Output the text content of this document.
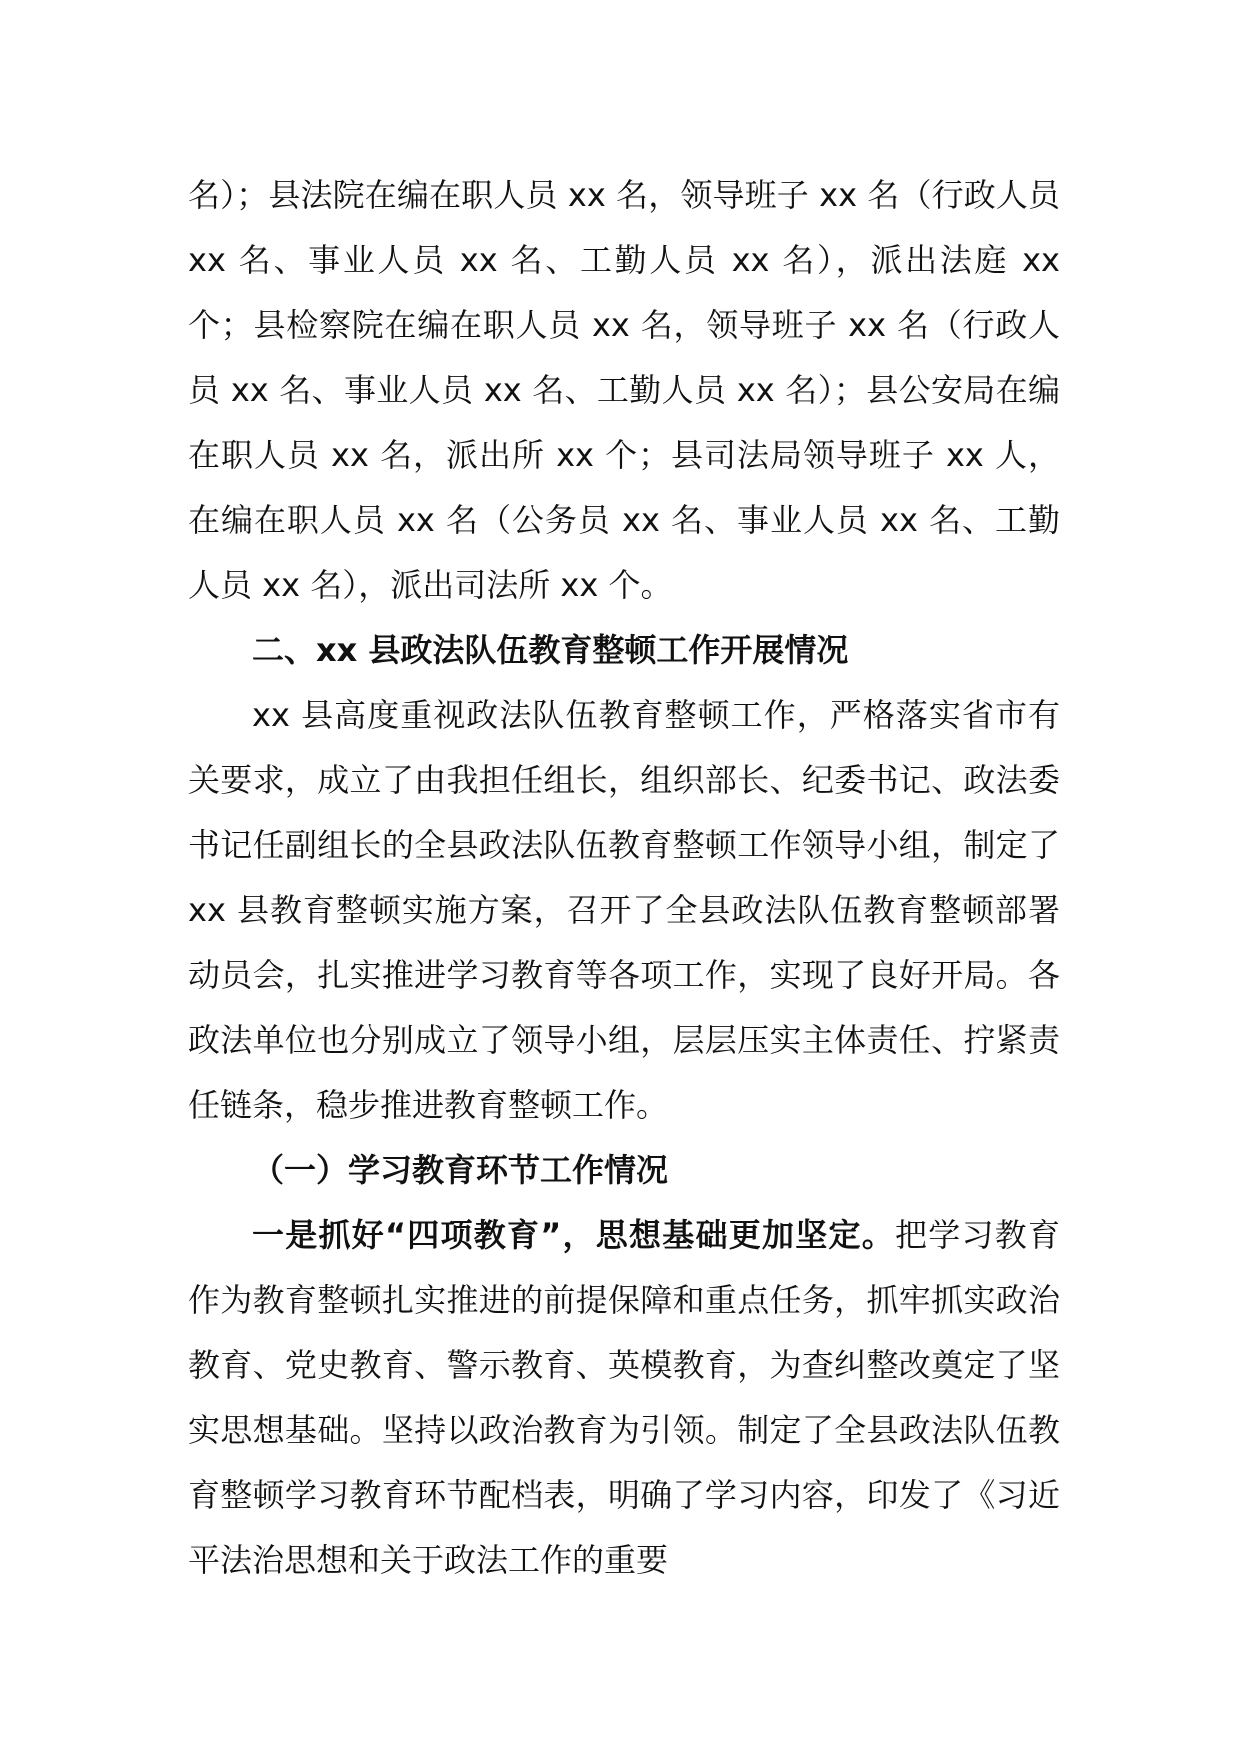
名）；县法院在编在职人员 xx 名，领导班子 xx 名（行政人员 xx 名、事业人员 xx 名、工勤人员 xx 名），派出法庭 xx 个；县检察院在编在职人员 xx 名，领导班子 xx 名（行政人员 xx 名、事业人员 xx 名、工勤人员 xx 名）；县公安局在编在职人员 xx 名，派出所 xx 个；县司法局领导班子 xx 人，在编在职人员 xx 名（公务员 xx 名、事业人员 xx 名、工勤人员 xx 名），派出司法所 xx 个。

二、xx 县政法队伍教育整顿工作开展情况

xx 县高度重视政法队伍教育整顿工作，严格落实省市有关要求，成立了由我担任组长，组织部长、纪委书记、政法委书记任副组长的全县政法队伍教育整顿工作领导小组，制定了 xx 县教育整顿实施方案，召开了全县政法队伍教育整顿部署动员会，扎实推进学习教育等各项工作，实现了良好开局。各政法单位也分别成立了领导小组，层层压实主体责任、拧紧责任链条，稳步推进教育整顿工作。

（一）学习教育环节工作情况

一是抓好“四项教育”，思想基础更加坚定。把学习教育作为教育整顿扎实推进的前提保障和重点任务，抓牢抓实政治教育、党史教育、警示教育、英模教育，为查纠整改奠定了坚实思想基础。坚持以政治教育为引领。制定了全县政法队伍教育整顿学习教育环节配档表，明确了学习内容，印发了《习近平法治思想和关于政法工作的重要
